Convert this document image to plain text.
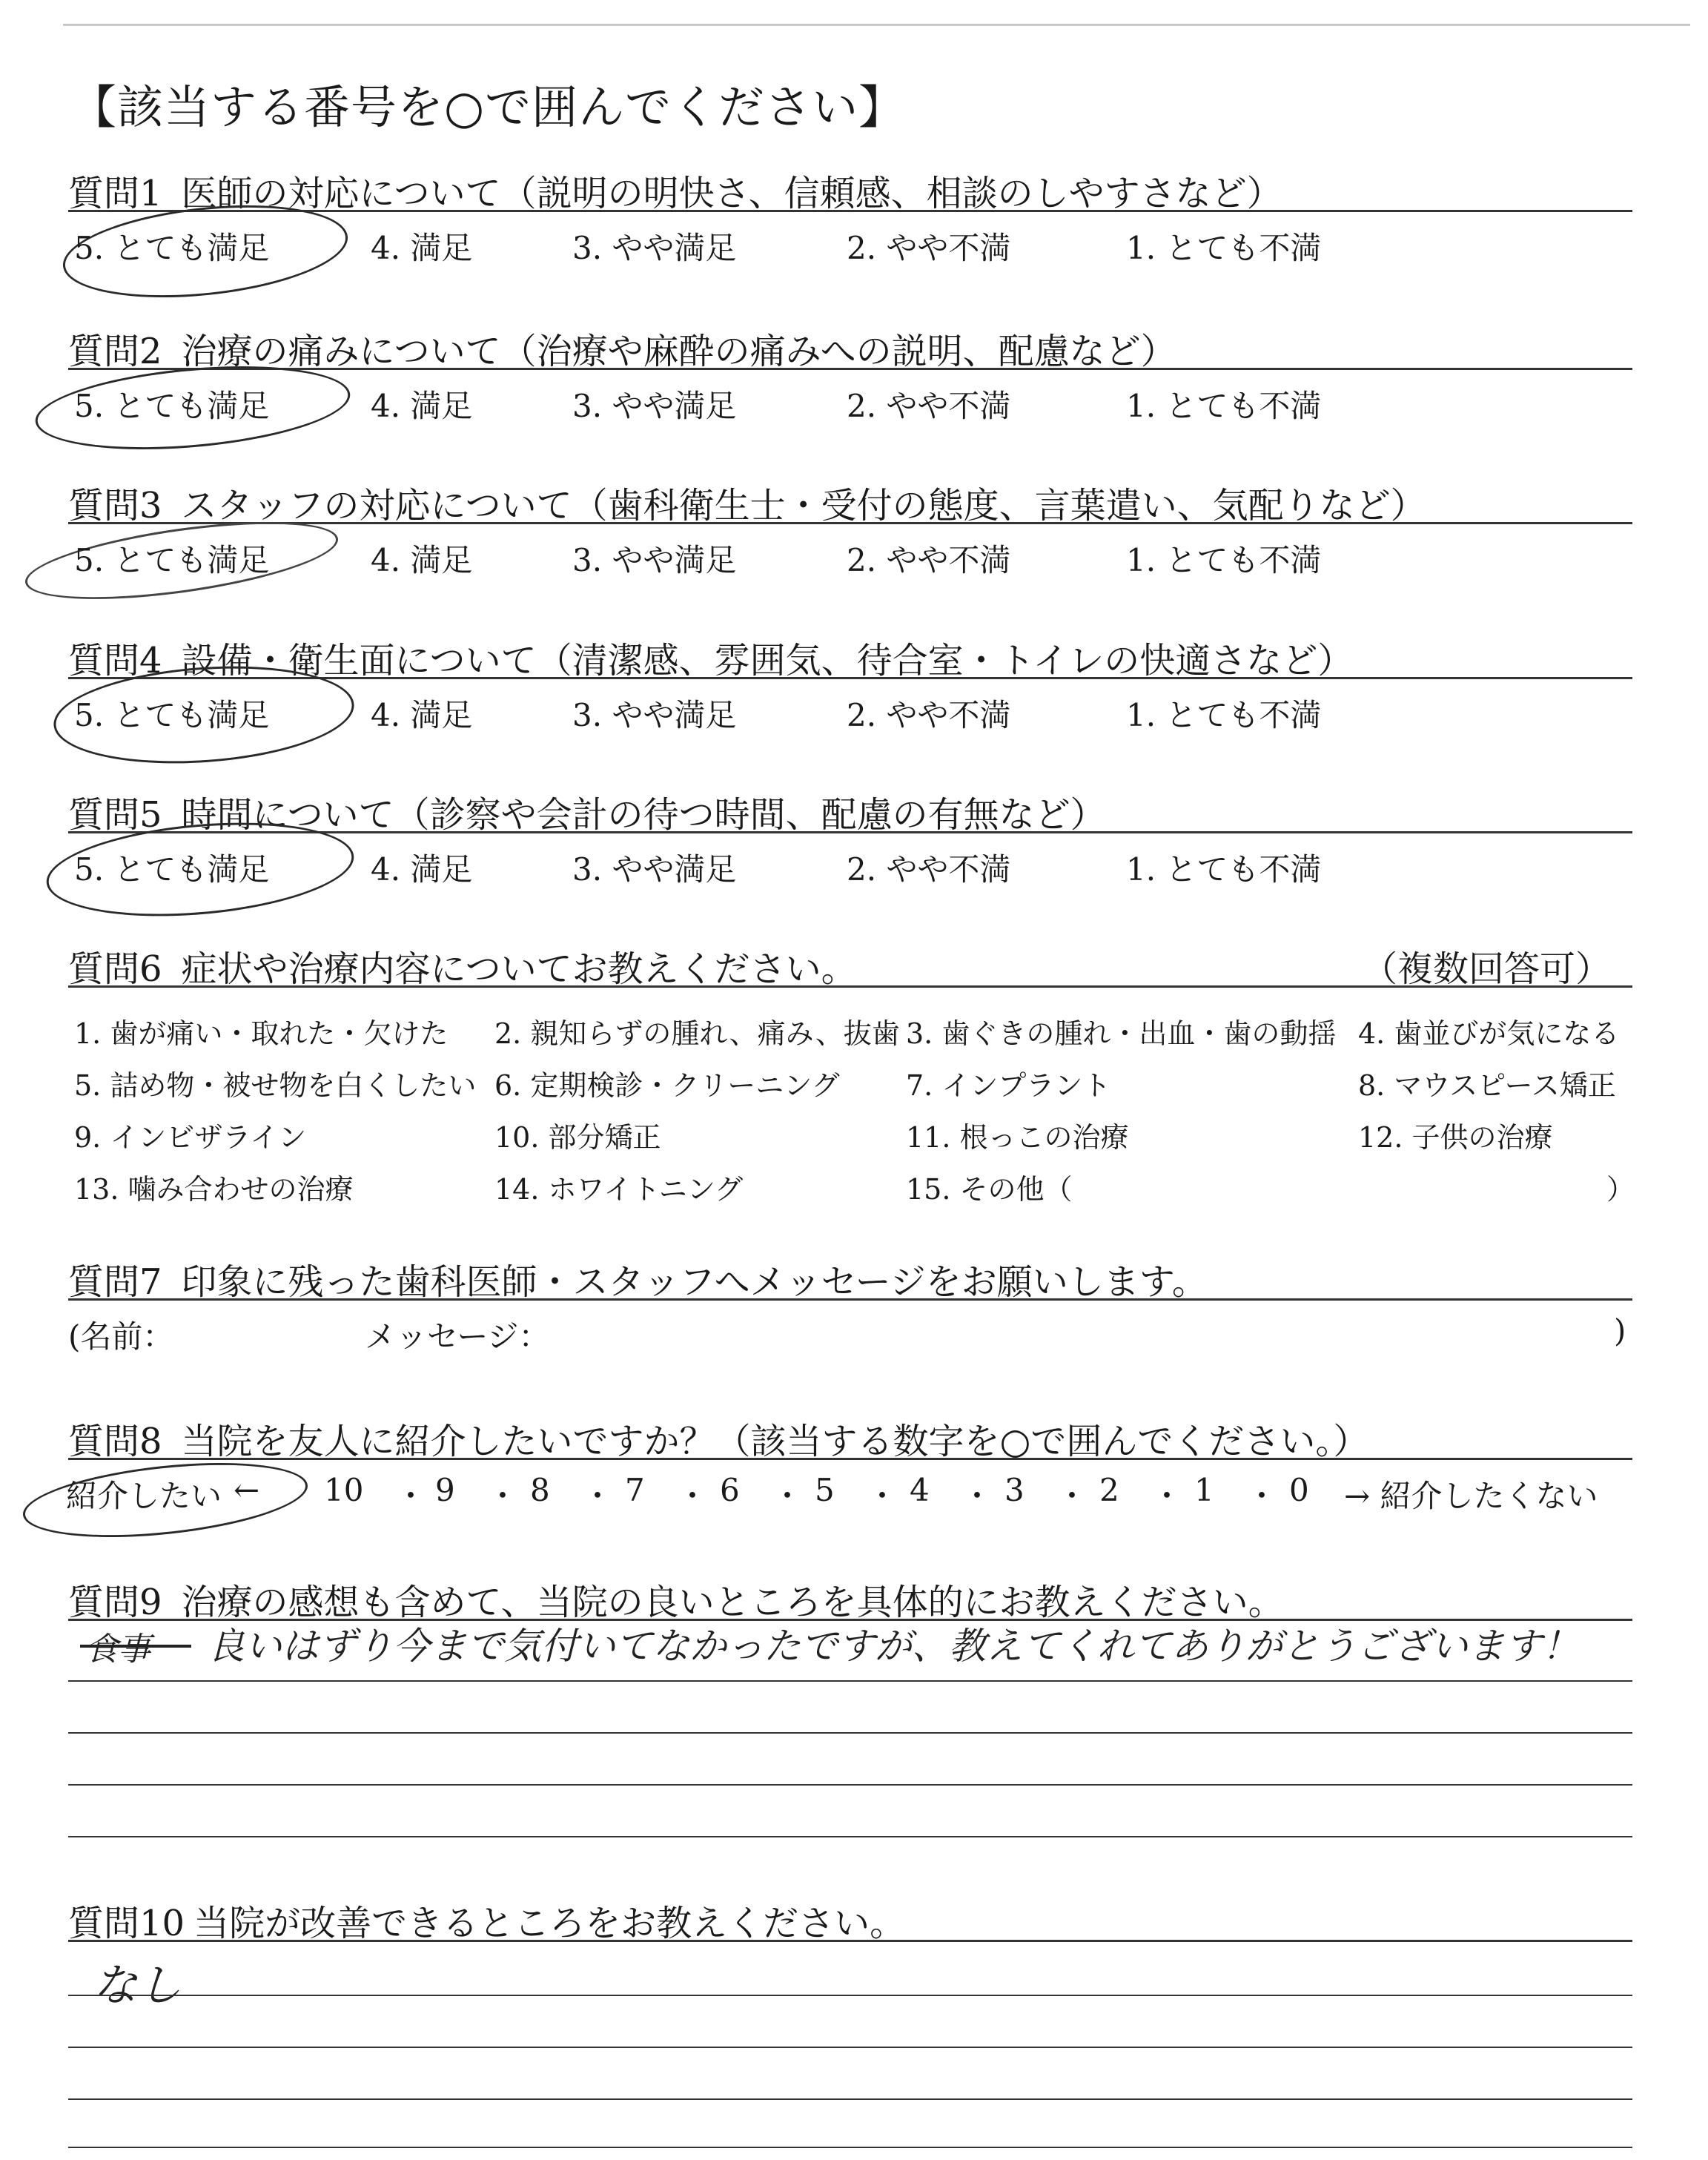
【該当する番号を○で囲んでください】
質問1 医師の対応について（説明の明快さ、信頼感、相談のしやすさなど）
5. とても満足	4. 満足	3. やや満足	2. やや不満	1. とても不満
質問2 治療の痛みについて（治療や麻酔の痛みへの説明、配慮など）
5. とても満足	4. 満足	3. やや満足	2. やや不満	1. とても不満
質問3 スタッフの対応について（歯科衛生士・受付の態度、言葉遣い、気配りなど）
5. とても満足	4. 満足	3. やや満足	2. やや不満	1. とても不満
質問4 設備・衛生面について（清潔感、雰囲気、待合室・トイレの快適さなど）
5. とても満足	4. 満足	3. やや満足	2. やや不満	1. とても不満
質問5 時間について（診察や会計の待つ時間、配慮の有無など）
5. とても満足	4. 満足	3. やや満足	2. やや不満	1. とても不満
質問6 症状や治療内容についてお教えください。	（複数回答可）
1. 歯が痛い・取れた・欠けた 2. 親知らずの腫れ、痛み、抜歯 3. 歯ぐきの腫れ・出血・歯の動揺 4. 歯並びが気になる
5. 詰め物・被せ物を白くしたい 6. 定期検診・クリーニング 7. インプラント	8. マウスピース矯正
9. インビザライン	10. 部分矯正	11. 根っこの治療	12. 子供の治療
13. 噛み合わせの治療	14. ホワイトニング	15. その他（	）
質問7 印象に残った歯科医師・スタッフへメッセージをお願いします。
(名前：	メッセージ：	)
質問8 当院を友人に紹介したいですか？（該当する数字を○で囲んでください。）
紹介したい ← 10 ・ 9 ・ 8 ・ 7 ・ 6 ・ 5 ・ 4 ・ 3 ・ 2 ・ 1 ・ 0 → 紹介したくない
質問9 治療の感想も含めて、当院の良いところを具体的にお教えください。
食事 良いはずり今まで気付いてなかったですが、教えてくれてありがとうございます！
質問10 当院が改善できるところをお教えください。
なし
